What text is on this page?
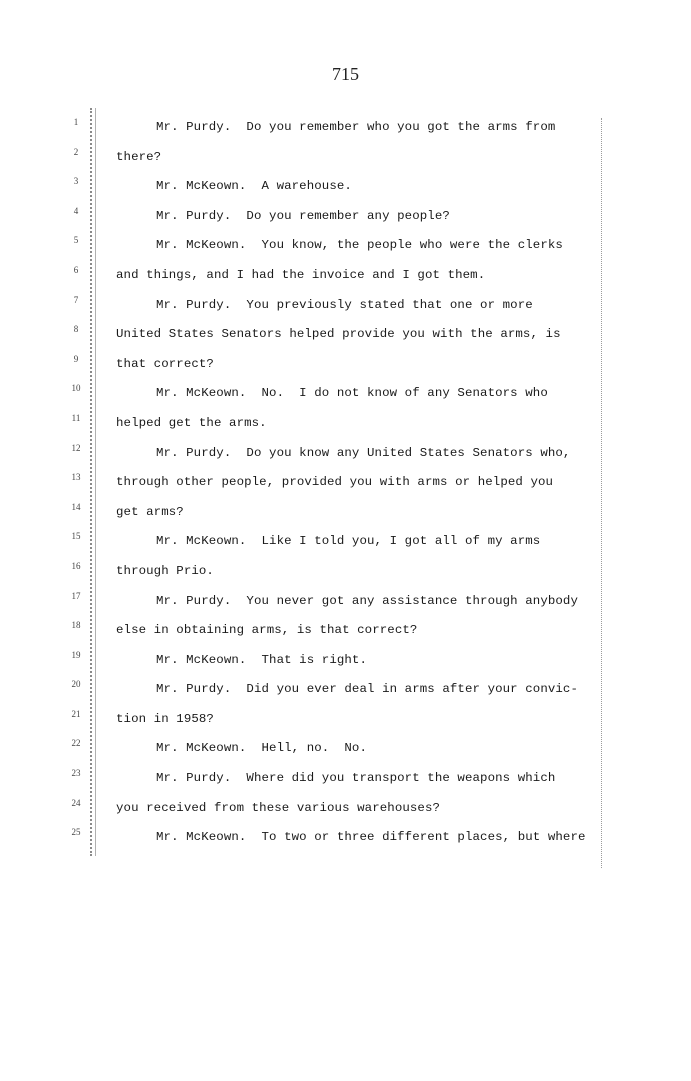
715
1
2
3
4
5
6
7
8
9
10
11
12
13
14
15
16
17
18
19
20
21
22
23
24
25
Mr. Purdy.  Do you remember who you got the arms from
there?
Mr. McKeown.  A warehouse.
Mr. Purdy.  Do you remember any people?
Mr. McKeown.  You know, the people who were the clerks
and things, and I had the invoice and I got them.
Mr. Purdy.  You previously stated that one or more
United States Senators helped provide you with the arms, is
that correct?
Mr. McKeown.  No.  I do not know of any Senators who
helped get the arms.
Mr. Purdy.  Do you know any United States Senators who,
through other people, provided you with arms or helped you
get arms?
Mr. McKeown.  Like I told you, I got all of my arms
through Prio.
Mr. Purdy.  You never got any assistance through anybody
else in obtaining arms, is that correct?
Mr. McKeown.  That is right.
Mr. Purdy.  Did you ever deal in arms after your convic-
tion in 1958?
Mr. McKeown.  Hell, no.  No.
Mr. Purdy.  Where did you transport the weapons which
you received from these various warehouses?
Mr. McKeown.  To two or three different places, but where
